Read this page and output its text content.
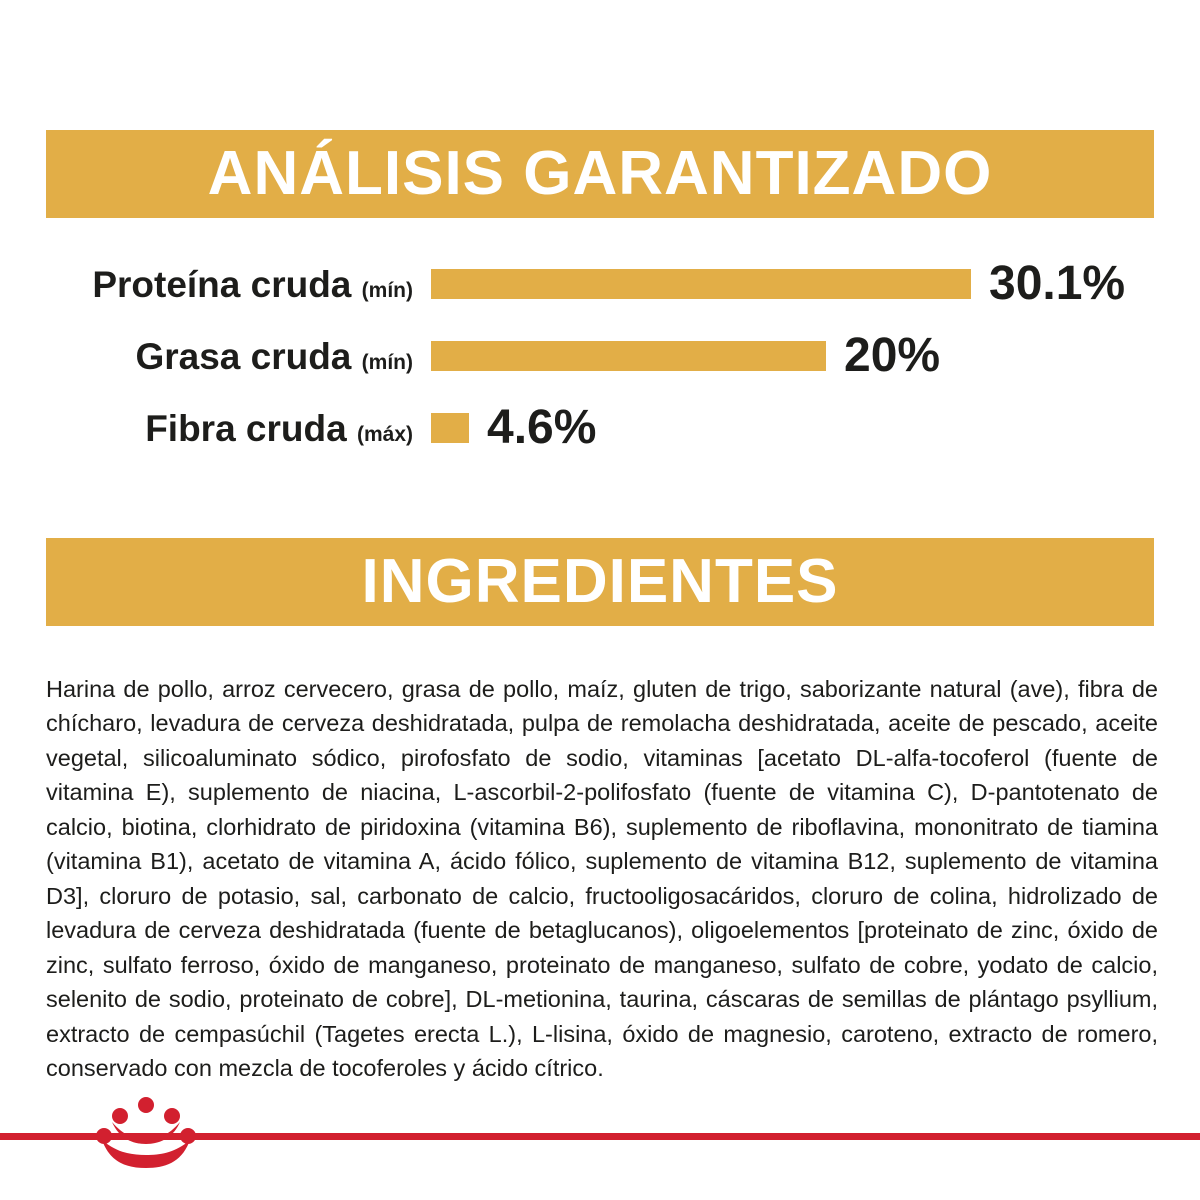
ANÁLISIS GARANTIZADO
Proteína cruda (mín)	30.1%
Grasa cruda (mín)	20%
Fibra cruda (máx)	4.6%
INGREDIENTES

Harina de pollo, arroz cervecero, grasa de pollo, maíz, gluten de trigo, saborizante natural (ave), fibra de chícharo, levadura de cerveza deshidratada, pulpa de remolacha deshidratada, aceite de pescado, aceite vegetal, silicoaluminato sódico, pirofosfato de sodio, vitaminas [acetato DL-alfa-tocoferol (fuente de vitamina E), suplemento de niacina, L-ascorbil-2-polifosfato (fuente de vitamina C), D-pantotenato de calcio, biotina, clorhidrato de piridoxina (vitamina B6), suplemento de riboflavina, mononitrato de tiamina (vitamina B1), acetato de vitamina A, ácido fólico, suplemento de vitamina B12, suplemento de vitamina D3], cloruro de potasio, sal, carbonato de calcio, fructooligosacáridos, cloruro de colina, hidrolizado de levadura de cerveza deshidratada (fuente de betaglucanos), oligoelementos [proteinato de zinc, óxido de zinc, sulfato ferroso, óxido de manganeso, proteinato de manganeso, sulfato de cobre, yodato de calcio, selenito de sodio, proteinato de cobre], DL-metionina, taurina, cáscaras de semillas de plántago psyllium, extracto de cempasúchil (Tagetes erecta L.), L-lisina, óxido de magnesio, caroteno, extracto de romero, conservado con mezcla de tocoferoles y ácido cítrico.
